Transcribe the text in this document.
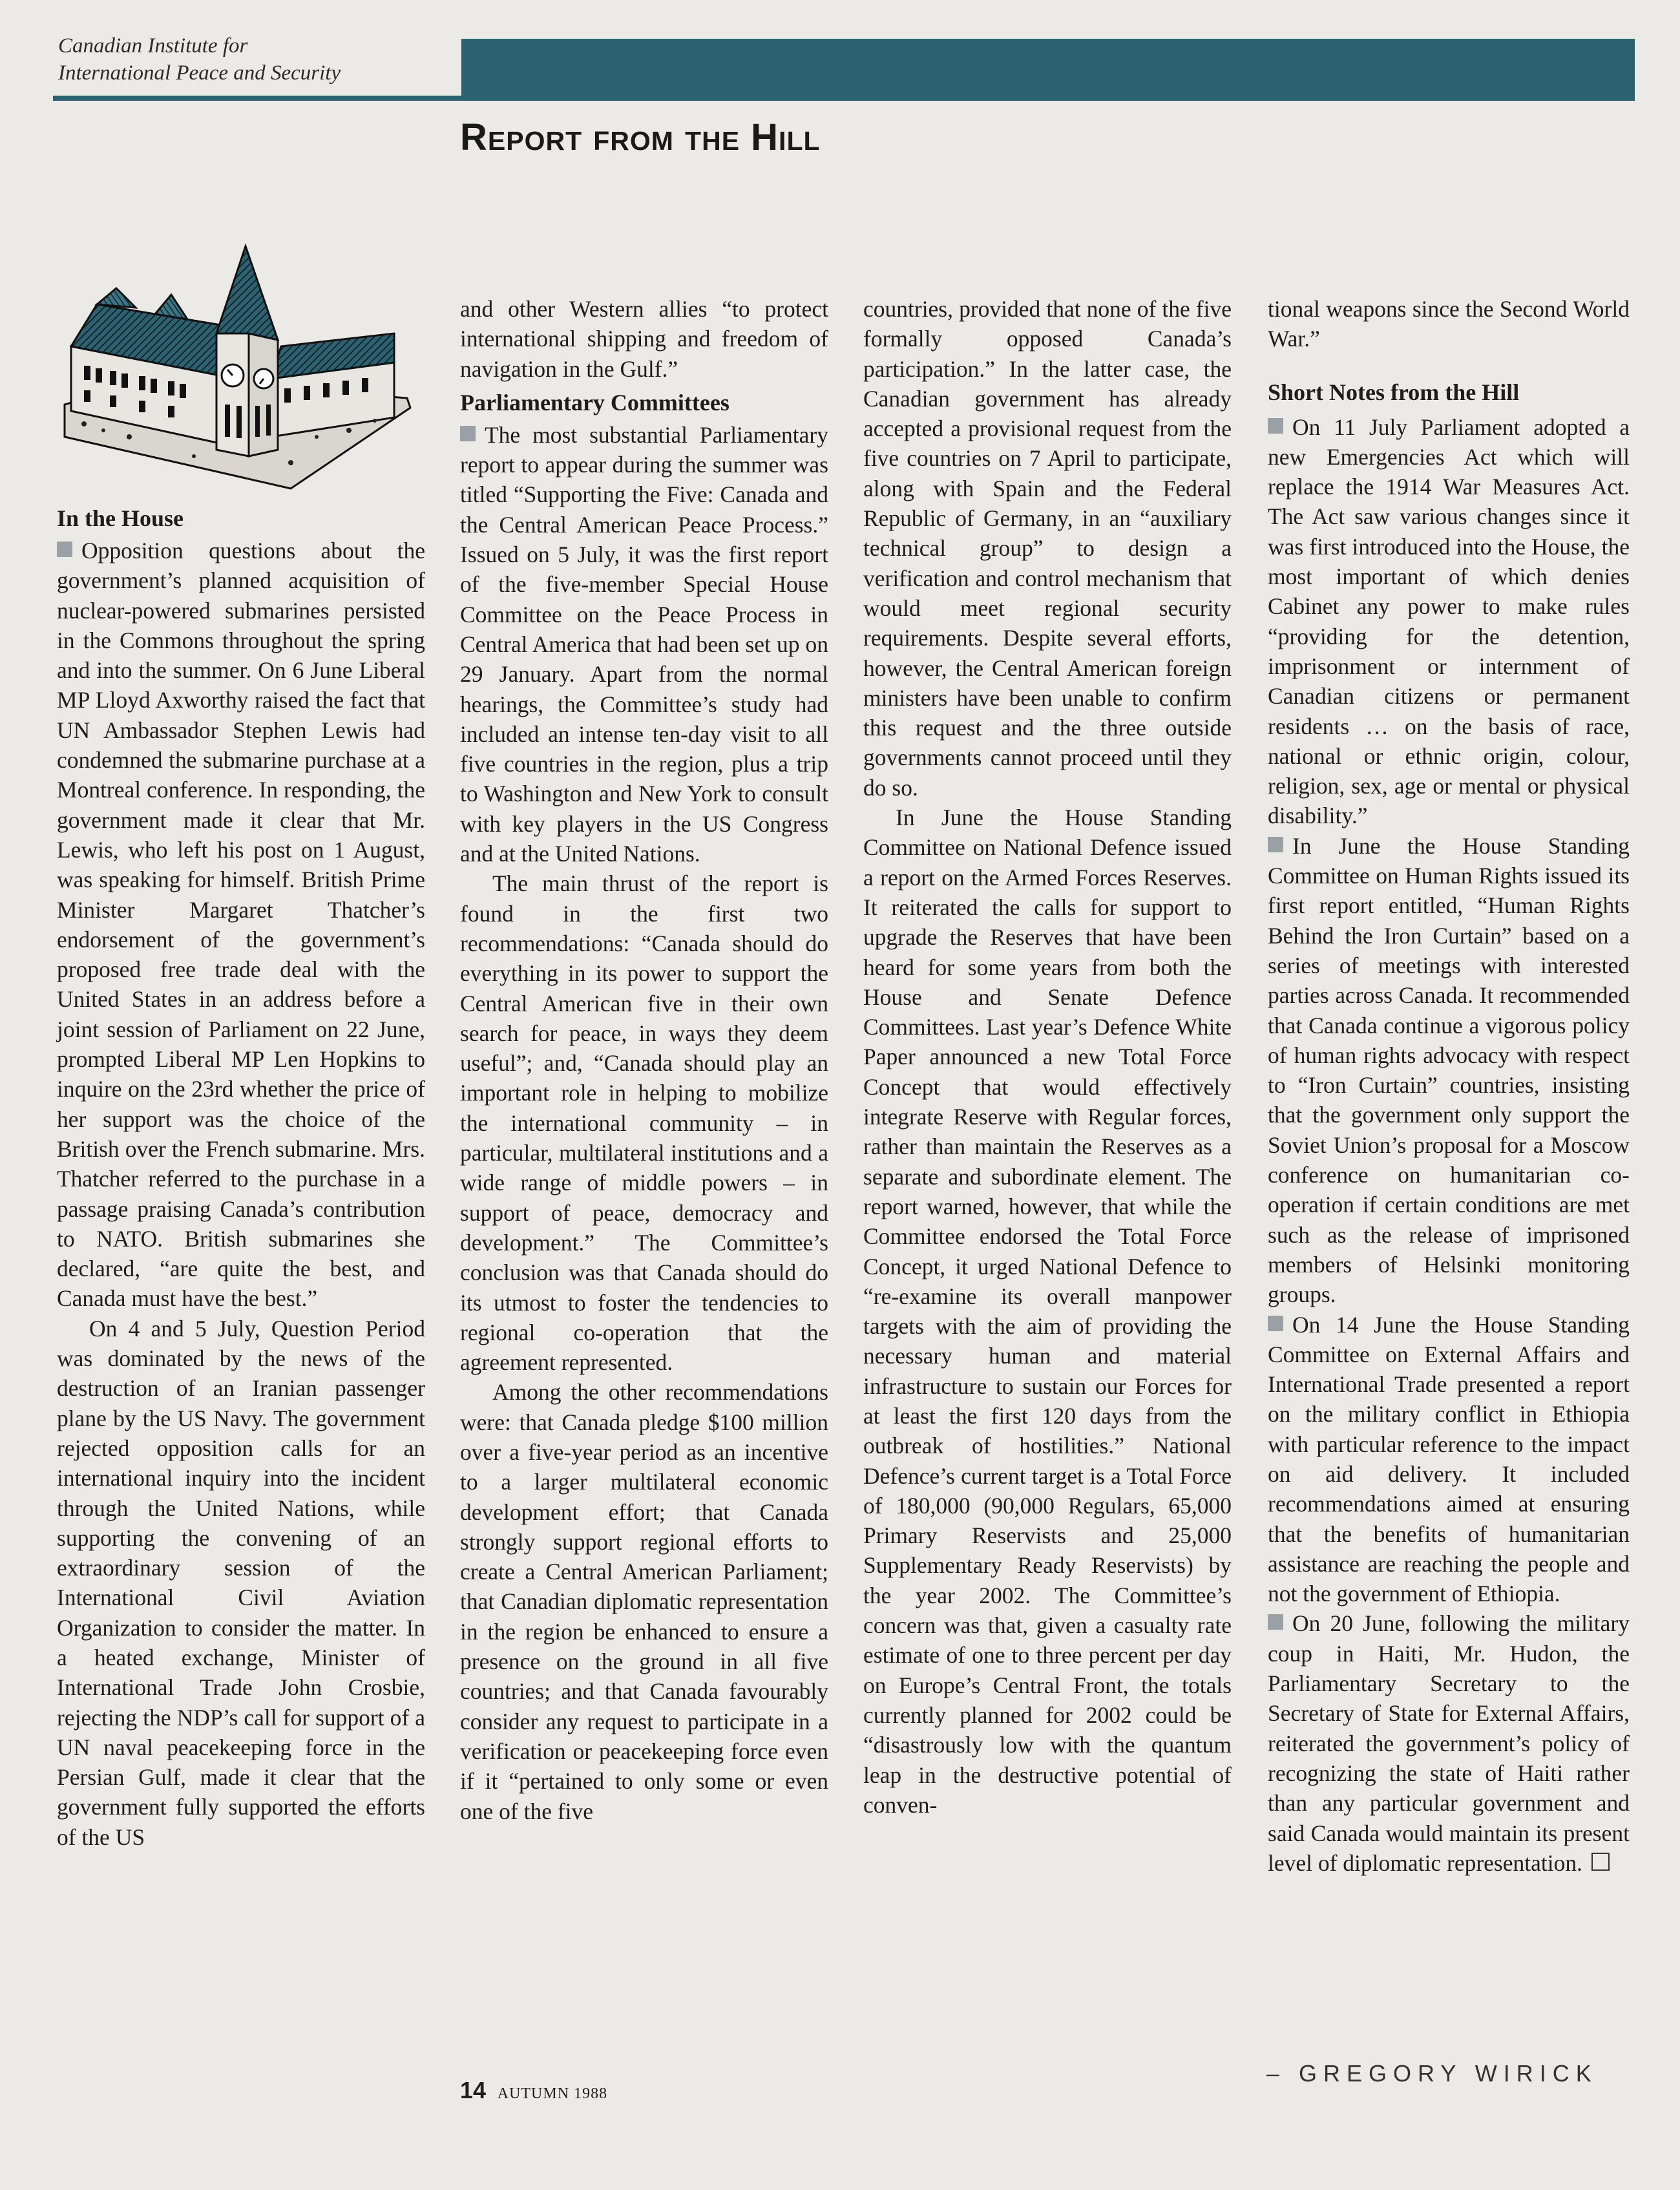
Canadian Institute for
International Peace and Security
Report from the Hill
In the House

Opposition questions about the government’s planned acquisition of nuclear-powered submarines persisted in the Commons throughout the spring and into the summer. On 6 June Liberal MP Lloyd Axworthy raised the fact that UN Ambassador Stephen Lewis had condemned the submarine purchase at a Montreal conference. In responding, the government made it clear that Mr. Lewis, who left his post on 1 August, was speaking for himself. British Prime Minister Margaret Thatcher’s endorsement of the government’s proposed free trade deal with the United States in an address before a joint session of Parliament on 22 June, prompted Liberal MP Len Hopkins to inquire on the 23rd whether the price of her support was the choice of the British over the French submarine. Mrs. Thatcher referred to the purchase in a passage praising Canada’s contribution to NATO. British submarines she declared, “are quite the best, and Canada must have the best.”

On 4 and 5 July, Question Period was dominated by the news of the destruction of an Iranian passenger plane by the US Navy. The government rejected opposition calls for an international inquiry into the incident through the United Nations, while supporting the convening of an extraordinary session of the International Civil Aviation Organization to consider the matter. In a heated exchange, Minister of International Trade John Crosbie, rejecting the NDP’s call for support of a UN naval peacekeeping force in the Persian Gulf, made it clear that the government fully supported the efforts of the US

and other Western allies “to protect international shipping and freedom of navigation in the Gulf.”

Parliamentary Committees

The most substantial Parliamentary report to appear during the summer was titled “Supporting the Five: Canada and the Central American Peace Process.” Issued on 5 July, it was the first report of the five-member Special House Committee on the Peace Process in Central America that had been set up on 29 January. Apart from the normal hearings, the Committee’s study had included an intense ten-day visit to all five countries in the region, plus a trip to Washington and New York to consult with key players in the US Congress and at the United Nations.

The main thrust of the report is found in the first two recommendations: “Canada should do everything in its power to support the Central American five in their own search for peace, in ways they deem useful”; and, “Canada should play an important role in helping to mobilize the international community – in particular, multilateral institutions and a wide range of middle powers – in support of peace, democracy and development.” The Committee’s conclusion was that Canada should do its utmost to foster the tendencies to regional co-operation that the agreement represented.

Among the other recommendations were: that Canada pledge $100 million over a five-year period as an incentive to a larger multilateral economic development effort; that Canada strongly support regional efforts to create a Central American Parliament; that Canadian diplomatic representation in the region be enhanced to ensure a presence on the ground in all five countries; and that Canada favourably consider any request to participate in a verification or peacekeeping force even if it “pertained to only some or even one of the five

countries, provided that none of the five formally opposed Canada’s participation.” In the latter case, the Canadian government has already accepted a provisional request from the five countries on 7 April to participate, along with Spain and the Federal Republic of Germany, in an “auxiliary technical group” to design a verification and control mechanism that would meet regional security requirements. Despite several efforts, however, the Central American foreign ministers have been unable to confirm this request and the three outside governments cannot proceed until they do so.

In June the House Standing Committee on National Defence issued a report on the Armed Forces Reserves. It reiterated the calls for support to upgrade the Reserves that have been heard for some years from both the House and Senate Defence Committees. Last year’s Defence White Paper announced a new Total Force Concept that would effectively integrate Reserve with Regular forces, rather than maintain the Reserves as a separate and subordinate element. The report warned, however, that while the Committee endorsed the Total Force Concept, it urged National Defence to “re-examine its overall manpower targets with the aim of providing the necessary human and material infrastructure to sustain our Forces for at least the first 120 days from the outbreak of hostilities.” National Defence’s current target is a Total Force of 180,000 (90,000 Regulars, 65,000 Primary Reservists and 25,000 Supplementary Ready Reservists) by the year 2002. The Committee’s concern was that, given a casualty rate estimate of one to three percent per day on Europe’s Central Front, the totals currently planned for 2002 could be “disastrously low with the quantum leap in the destructive potential of conven-

tional weapons since the Second World War.”

Short Notes from the Hill

On 11 July Parliament adopted a new Emergencies Act which will replace the 1914 War Measures Act. The Act saw various changes since it was first introduced into the House, the most important of which denies Cabinet any power to make rules “providing for the detention, imprisonment or internment of Canadian citizens or permanent residents … on the basis of race, national or ethnic origin, colour, religion, sex, age or mental or physical disability.”

In June the House Standing Committee on Human Rights issued its first report entitled, “Human Rights Behind the Iron Curtain” based on a series of meetings with interested parties across Canada. It recommended that Canada continue a vigorous policy of human rights advocacy with respect to “Iron Curtain” countries, insisting that the government only support the Soviet Union’s proposal for a Moscow conference on humanitarian co-operation if certain conditions are met such as the release of imprisoned members of Helsinki monitoring groups.

On 14 June the House Standing Committee on External Affairs and International Trade presented a report on the military conflict in Ethiopia with particular reference to the impact on aid delivery. It included recommendations aimed at ensuring that the benefits of humanitarian assistance are reaching the people and not the government of Ethiopia.

On 20 June, following the military coup in Haiti, Mr. Hudon, the Parliamentary Secretary to the Secretary of State for External Affairs, reiterated the government’s policy of recognizing the state of Haiti rather than any particular government and said Canada would maintain its present level of diplomatic representation.

14 AUTUMN 1988
– GREGORY WIRICK
